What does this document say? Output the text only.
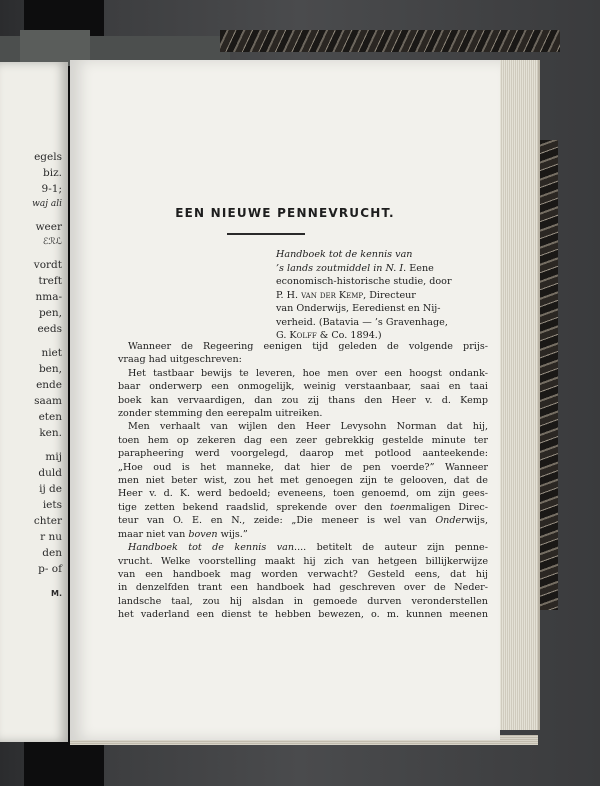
egels
biz.
9-1;
waj ali
weer
ℰℛℒ
vordt
treft
nma-
pen,
eeds
niet
ben,
ende
saam
eten
ken.
mij
duld
ij de
iets
chter
r nu
den
p- of
M.
EEN NIEUWE PENNEVRUCHT.
Handboek tot de kennis van
’s lands zoutmiddel in N. I. Eene
economisch-historische studie, door
P. H. van der Kemp, Directeur
van Onderwijs, Eeredienst en Nij-
verheid. (Batavia — ’s Gravenhage,
G. Kolff & Co. 1894.)
Wanneer de Regeering eenigen tijd geleden de volgende prijs-
vraag had uitgeschreven:
Het tastbaar bewijs te leveren, hoe men over een hoogst ondank-
baar onderwerp een onmogelijk, weinig verstaanbaar, saai en taai
boek kan vervaardigen, dan zou zij thans den Heer v. d. Kemp
zonder stemming den eerepalm uitreiken.
Men verhaalt van wijlen den Heer Levysohn Norman dat hij,
toen hem op zekeren dag een zeer gebrekkig gestelde minute ter
parapheering werd voorgelegd, daarop met potlood aanteekende:
„Hoe oud is het manneke, dat hier de pen voerde?” Wanneer
men niet beter wist, zou het met genoegen zijn te gelooven, dat de
Heer v. d. K. werd bedoeld; eveneens, toen genoemd, om zijn gees-
tige zetten bekend raadslid, sprekende over den toenmaligen Direc-
teur van O. E. en N., zeide: „Die meneer is wel van Onderwijs,
maar niet van boven wijs.”
Handboek tot de kennis van.... betitelt de auteur zijn penne-
vrucht. Welke voorstelling maakt hij zich van hetgeen billijkerwijze
van een handboek mag worden verwacht? Gesteld eens, dat hij
in denzelfden trant een handboek had geschreven over de Neder-
landsche taal, zou hij alsdan in gemoede durven veronderstellen
het vaderland een dienst te hebben bewezen, o. m. kunnen meenen
